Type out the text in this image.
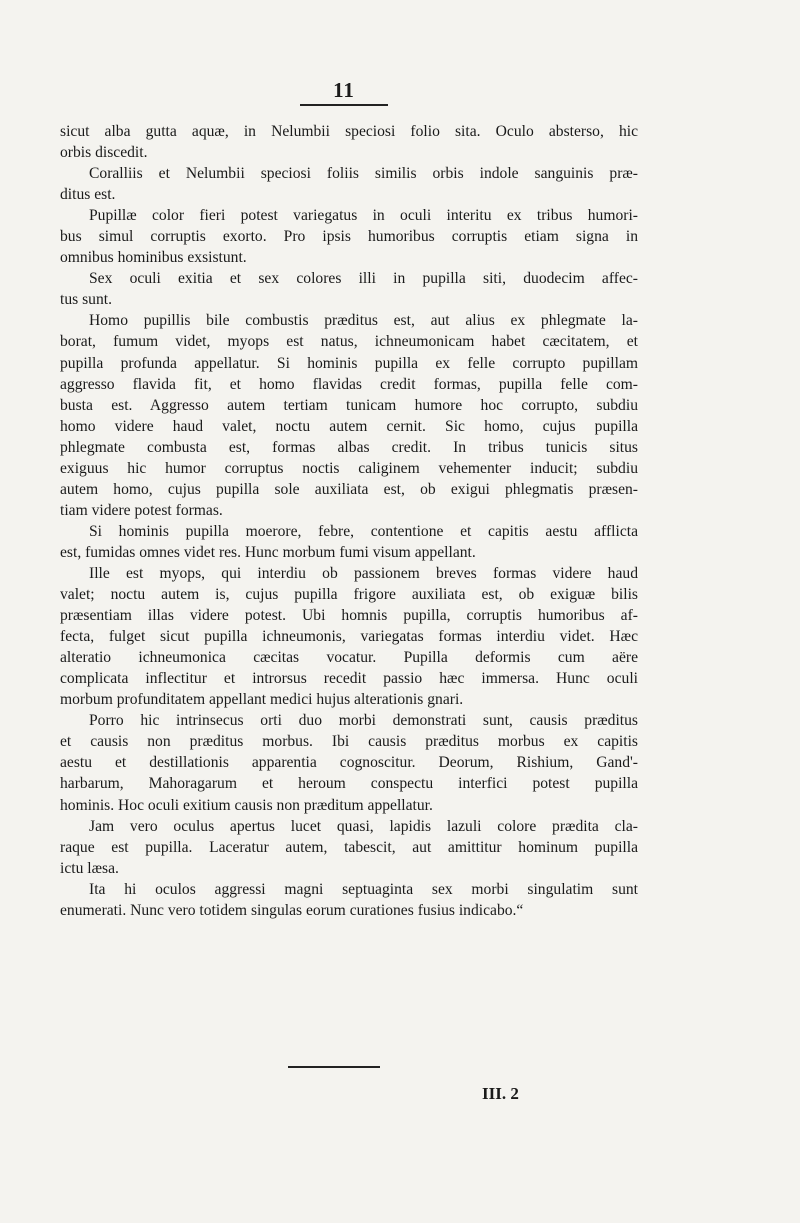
11
sicut alba gutta aquæ, in Nelumbii speciosi folio sita. Oculo absterso, hic
orbis discedit.
Coralliis et Nelumbii speciosi foliis similis orbis indole sanguinis præ-
ditus est.
Pupillæ color fieri potest variegatus in oculi interitu ex tribus humori-
bus simul corruptis exorto. Pro ipsis humoribus corruptis etiam signa in
omnibus hominibus exsistunt.
Sex oculi exitia et sex colores illi in pupilla siti, duodecim affec-
tus sunt.
Homo pupillis bile combustis præditus est, aut alius ex phlegmate la-
borat, fumum videt, myops est natus, ichneumonicam habet cæcitatem, et
pupilla profunda appellatur. Si hominis pupilla ex felle corrupto pupillam
aggresso flavida fit, et homo flavidas credit formas, pupilla felle com-
busta est. Aggresso autem tertiam tunicam humore hoc corrupto, subdiu
homo videre haud valet, noctu autem cernit. Sic homo, cujus pupilla
phlegmate combusta est, formas albas credit. In tribus tunicis situs
exiguus hic humor corruptus noctis caliginem vehementer inducit; subdiu
autem homo, cujus pupilla sole auxiliata est, ob exigui phlegmatis præsen-
tiam videre potest formas.
Si hominis pupilla moerore, febre, contentione et capitis aestu afflicta
est, fumidas omnes videt res. Hunc morbum fumi visum appellant.
Ille est myops, qui interdiu ob passionem breves formas videre haud
valet; noctu autem is, cujus pupilla frigore auxiliata est, ob exiguæ bilis
præsentiam illas videre potest. Ubi homnis pupilla, corruptis humoribus af-
fecta, fulget sicut pupilla ichneumonis, variegatas formas interdiu videt. Hæc
alteratio ichneumonica cæcitas vocatur. Pupilla deformis cum aëre
complicata inflectitur et introrsus recedit passio hæc immersa. Hunc oculi
morbum profunditatem appellant medici hujus alterationis gnari.
Porro hic intrinsecus orti duo morbi demonstrati sunt, causis præditus
et causis non præditus morbus. Ibi causis præditus morbus ex capitis
aestu et destillationis apparentia cognoscitur. Deorum, Rishium, Gand'-
harbarum, Mahoragarum et heroum conspectu interfici potest pupilla
hominis. Hoc oculi exitium causis non præditum appellatur.
Jam vero oculus apertus lucet quasi, lapidis lazuli colore prædita cla-
raque est pupilla. Laceratur autem, tabescit, aut amittitur hominum pupilla
ictu læsa.
Ita hi oculos aggressi magni septuaginta sex morbi singulatim sunt
enumerati. Nunc vero totidem singulas eorum curationes fusius indicabo.“
III. 2
